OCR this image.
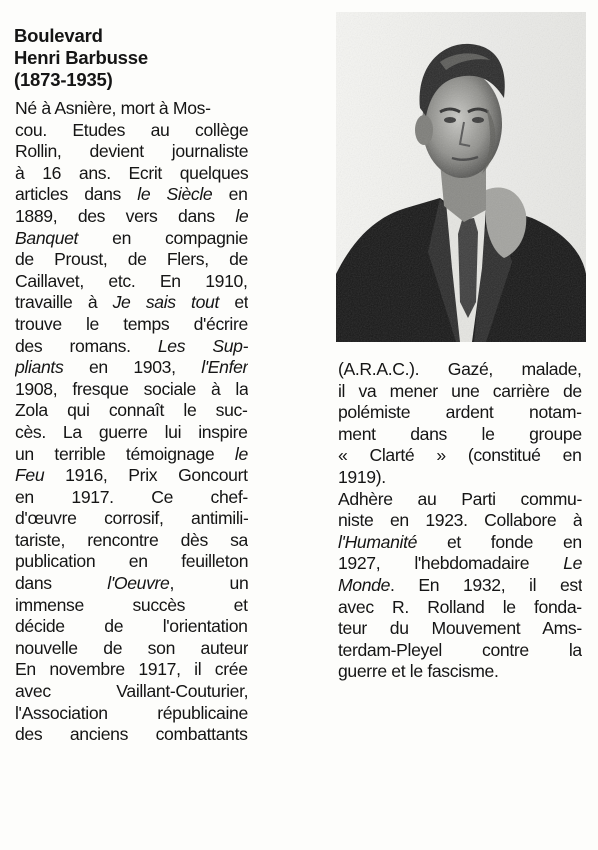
Boulevard
Henri Barbusse
(1873-1935)
Né à Asnière, mort à Mos-
cou. Etudes au collège
Rollin, devient journaliste
à 16 ans. Ecrit quelques
articles dans le Siècle en
1889, des vers dans le
Banquet en compagnie
de Proust, de Flers, de
Caillavet, etc. En 1910,
travaille à Je sais tout et
trouve le temps d'écrire
des romans. Les Sup-
pliants en 1903, l'Enfer
1908, fresque sociale à la
Zola qui connaît le suc-
cès. La guerre lui inspire
un terrible témoignage le
Feu 1916, Prix Goncourt
en 1917. Ce chef-
d'œuvre corrosif, antimili-
tariste, rencontre dès sa
publication en feuilleton
dans l'Oeuvre, un
immense succès et
décide de l'orientation
nouvelle de son auteur
En novembre 1917, il crée
avec Vaillant-Couturier,
l'Association républicaine
des anciens combattants
(A.R.A.C.). Gazé, malade,
il va mener une carrière de
polémiste ardent notam-
ment dans le groupe
« Clarté » (constitué en
1919).
Adhère au Parti commu-
niste en 1923. Collabore à
l'Humanité et fonde en
1927, l'hebdomadaire Le
Monde. En 1932, il est
avec R. Rolland le fonda-
teur du Mouvement Ams-
terdam-Pleyel contre la
guerre et le fascisme.
